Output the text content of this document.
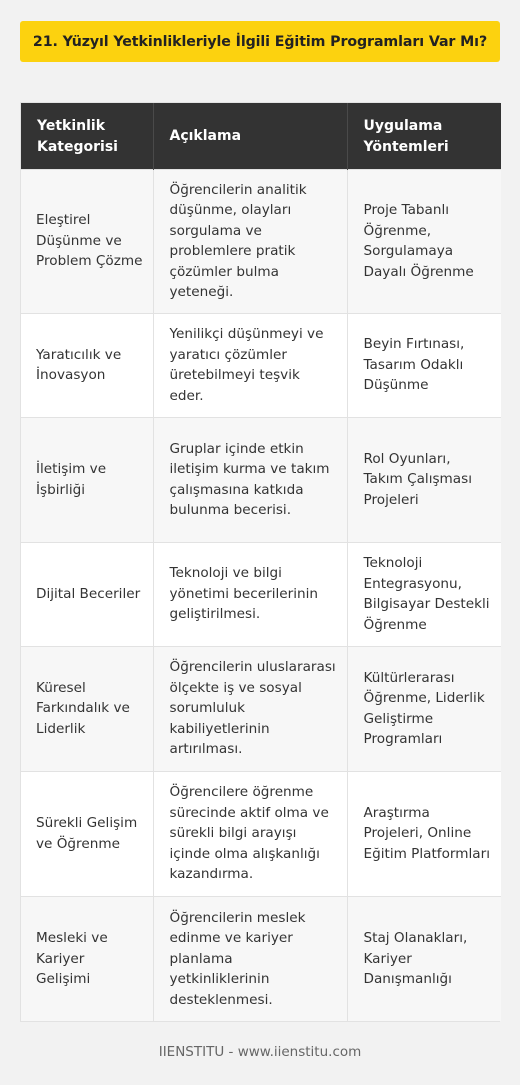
21. Yüzyıl Yetkinlikleriyle İlgili Eğitim Programları Var Mı?
Yetkinlik Kategorisi	Açıklama	Uygulama Yöntemleri
Eleştirel Düşünme ve Problem Çözme	Öğrencilerin analitik düşünme, olayları sorgulama ve problemlere pratik çözümler bulma yeteneği.	Proje Tabanlı Öğrenme, Sorgulamaya Dayalı Öğrenme
Yaratıcılık ve İnovasyon	Yenilikçi düşünmeyi ve yaratıcı çözümler üretebilmeyi teşvik eder.	Beyin Fırtınası, Tasarım Odaklı Düşünme
İletişim ve İşbirliği	Gruplar içinde etkin iletişim kurma ve takım çalışmasına katkıda bulunma becerisi.	Rol Oyunları, Takım Çalışması Projeleri
Dijital Beceriler	Teknoloji ve bilgi yönetimi becerilerinin geliştirilmesi.	Teknoloji Entegrasyonu, Bilgisayar Destekli Öğrenme
Küresel Farkındalık ve Liderlik	Öğrencilerin uluslararası ölçekte iş ve sosyal sorumluluk kabiliyetlerinin artırılması.	Kültürlerarası Öğrenme, Liderlik Geliştirme Programları
Sürekli Gelişim ve Öğrenme	Öğrencilere öğrenme sürecinde aktif olma ve sürekli bilgi arayışı içinde olma alışkanlığı kazandırma.	Araştırma Projeleri, Online Eğitim Platformları
Mesleki ve Kariyer Gelişimi	Öğrencilerin meslek edinme ve kariyer planlama yetkinliklerinin desteklenmesi.	Staj Olanakları, Kariyer Danışmanlığı
IIENSTITU - www.iienstitu.com
